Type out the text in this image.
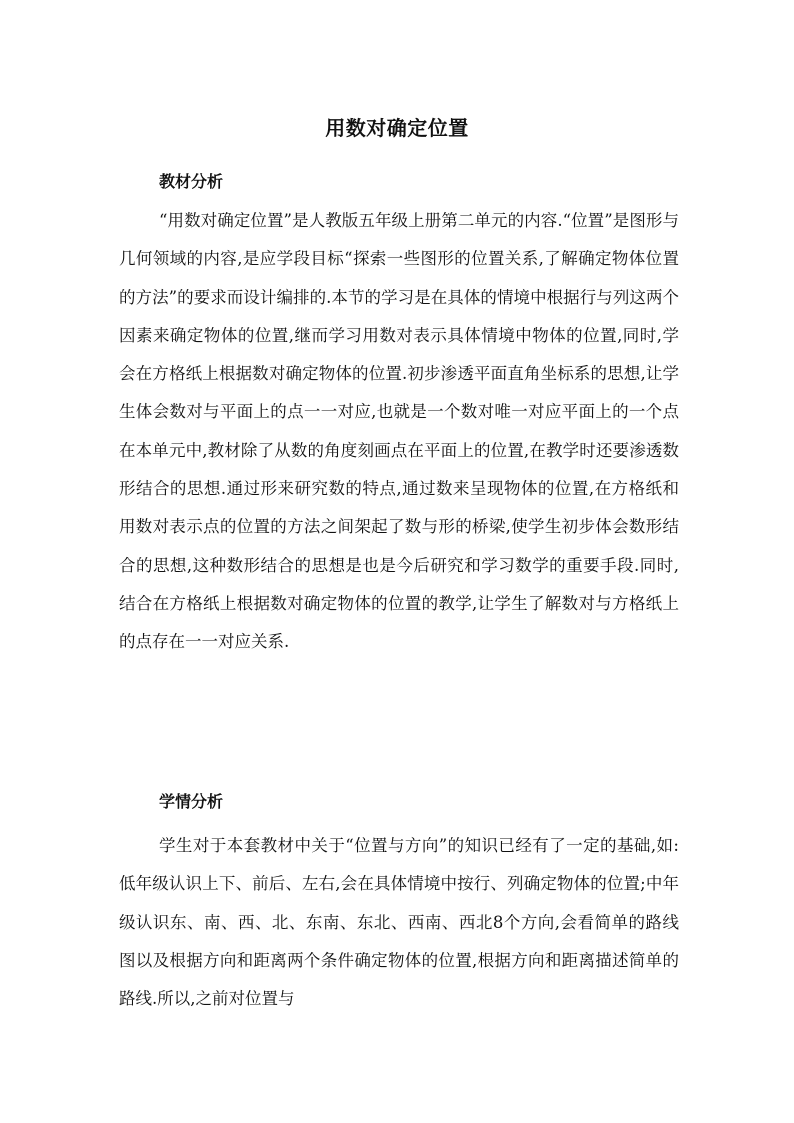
用数对确定位置
教材分析

“用数对确定位置”是人教版五年级上册第二单元的内容.“位置”是图形与几何领域的内容,是应学段目标“探索一些图形的位置关系,了解确定物体位置的方法”的要求而设计编排的.本节的学习是在具体的情境中根据行与列这两个因素来确定物体的位置,继而学习用数对表示具体情境中物体的位置,同时,学会在方格纸上根据数对确定物体的位置.初步渗透平面直角坐标系的思想,让学生体会数对与平面上的点一一对应,也就是一个数对唯一对应平面上的一个点在本单元中,教材除了从数的角度刻画点在平面上的位置,在教学时还要渗透数形结合的思想.通过形来研究数的特点,通过数来呈现物体的位置,在方格纸和用数对表示点的位置的方法之间架起了数与形的桥梁,使学生初步体会数形结合的思想,这种数形结合的思想是也是今后研究和学习数学的重要手段.同时,结合在方格纸上根据数对确定物体的位置的教学,让学生了解数对与方格纸上的点存在一一对应关系.

学情分析

学生对于本套教材中关于“位置与方向”的知识已经有了一定的基础,如:低年级认识上下、前后、左右,会在具体情境中按行、列确定物体的位置;中年级认识东、南、西、北、东南、东北、西南、西北8个方向,会看简单的路线图以及根据方向和距离两个条件确定物体的位置,根据方向和距离描述简单的路线.所以,之前对位置与
